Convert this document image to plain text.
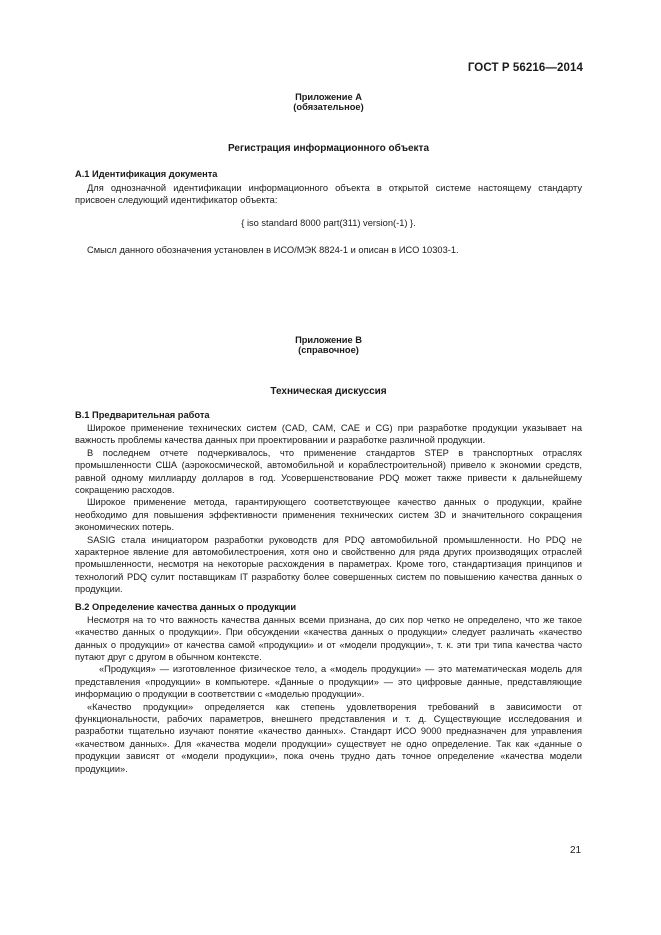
ГОСТ Р 56216—2014
Приложение А
(обязательное)
Регистрация информационного объекта
А.1 Идентификация документа

Для однозначной идентификации информационного объекта в открытой системе настоящему стандарту присвоен следующий идентификатор объекта:

{ iso standard 8000 part(311) version(-1) }.

Смысл данного обозначения установлен в ИСО/МЭК 8824-1 и описан в ИСО 10303-1.

Приложение В
(справочное)
Техническая дискуссия
В.1 Предварительная работа

Широкое применение технических систем (CAD, CAM, CAE и CG) при разработке продукции указывает на важность проблемы качества данных при проектировании и разработке различной продукции.

В последнем отчете подчеркивалось, что применение стандартов STEP в транспортных отраслях промышленности США (аэрокосмической, автомобильной и кораблестроительной) привело к экономии средств, равной одному миллиарду долларов в год. Усовершенствование PDQ может также привести к дальнейшему сокращению расходов.

Широкое применение метода, гарантирующего соответствующее качество данных о продукции, крайне необходимо для повышения эффективности применения технических систем 3D и значительного сокращения экономических потерь.

SASIG стала инициатором разработки руководств для PDQ автомобильной промышленности. Но PDQ не характерное явление для автомобилестроения, хотя оно и свойственно для ряда других производящих отраслей промышленности, несмотря на некоторые расхождения в параметрах. Кроме того, стандартизация принципов и технологий PDQ сулит поставщикам IT разработку более совершенных систем по повышению качества данных о продукции.

В.2 Определение качества данных о продукции

Несмотря на то что важность качества данных всеми признана, до сих пор четко не определено, что же такое «качество данных о продукции». При обсуждении «качества данных о продукции» следует различать «качество данных о продукции» от качества самой «продукции» и от «модели продукции», т. к. эти три типа качества часто путают друг с другом в обычном контексте.

«Продукция» — изготовленное физическое тело, а «модель продукции» — это математическая модель для представления «продукции» в компьютере. «Данные о продукции» — это цифровые данные, представляющие информацию о продукции в соответствии с «моделью продукции».

«Качество продукции» определяется как степень удовлетворения требований в зависимости от функциональности, рабочих параметров, внешнего представления и т. д. Существующие исследования и разработки тщательно изучают понятие «качество данных». Стандарт ИСО 9000 предназначен для управления «качеством данных». Для «качества модели продукции» существует не одно определение. Так как «данные о продукции зависят от «модели продукции», пока очень трудно дать точное определение «качества модели продукции».

21
